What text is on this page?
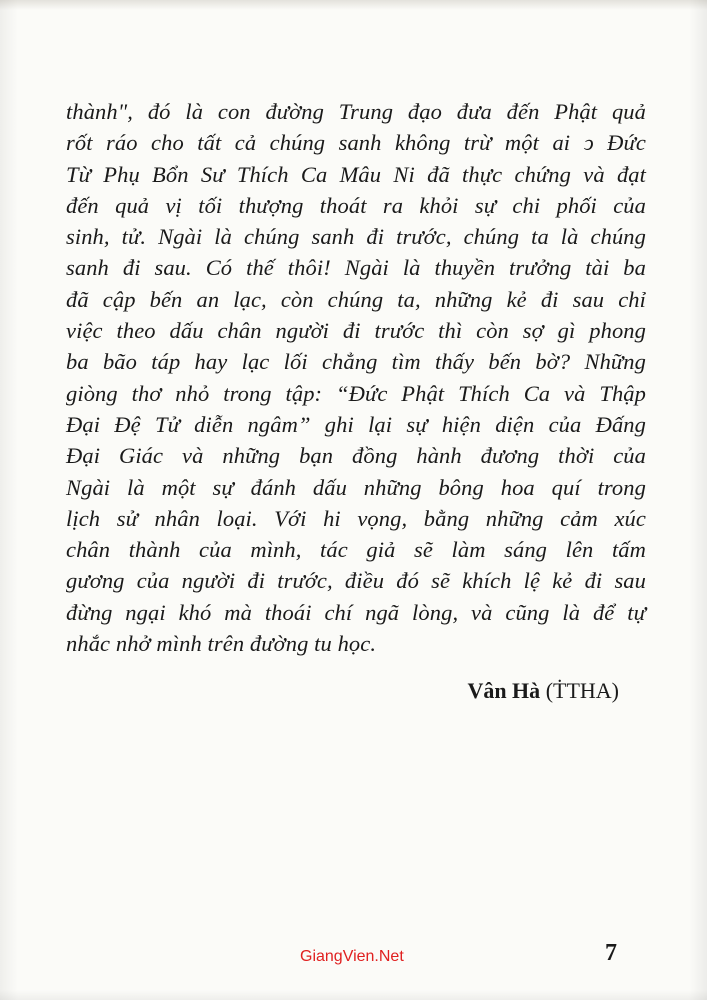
thành", đó là con đường Trung đạo đưa đến Phật quả
rốt ráo cho tất cả chúng sanh không trừ một ai ↄ Đức
Từ Phụ Bổn Sư Thích Ca Mâu Ni đã thực chứng và đạt
đến quả vị tối thượng thoát ra khỏi sự chi phối của
sinh, tử. Ngài là chúng sanh đi trước, chúng ta là chúng
sanh đi sau. Có thế thôi! Ngài là thuyền trưởng tài ba
đã cập bến an lạc, còn chúng ta, những kẻ đi sau chỉ
việc theo dấu chân người đi trước thì còn sợ gì phong
ba bão táp hay lạc lối chẳng tìm thấy bến bờ? Những
giòng thơ nhỏ trong tập: “Đức Phật Thích Ca và Thập
Đại Đệ Tử diễn ngâm” ghi lại sự hiện diện của Đấng
Đại Giác và những bạn đồng hành đương thời của
Ngài là một sự đánh dấu những bông hoa quí trong
lịch sử nhân loại. Với hi vọng, bằng những cảm xúc
chân thành của mình, tác giả sẽ làm sáng lên tấm
gương của người đi trước, điều đó sẽ khích lệ kẻ đi sau
đừng ngại khó mà thoái chí ngã lòng, và cũng là để tự
nhắc nhở mình trên đường tu học.
Vân Hà (ṪTHA)
GiangVien.Net	7
